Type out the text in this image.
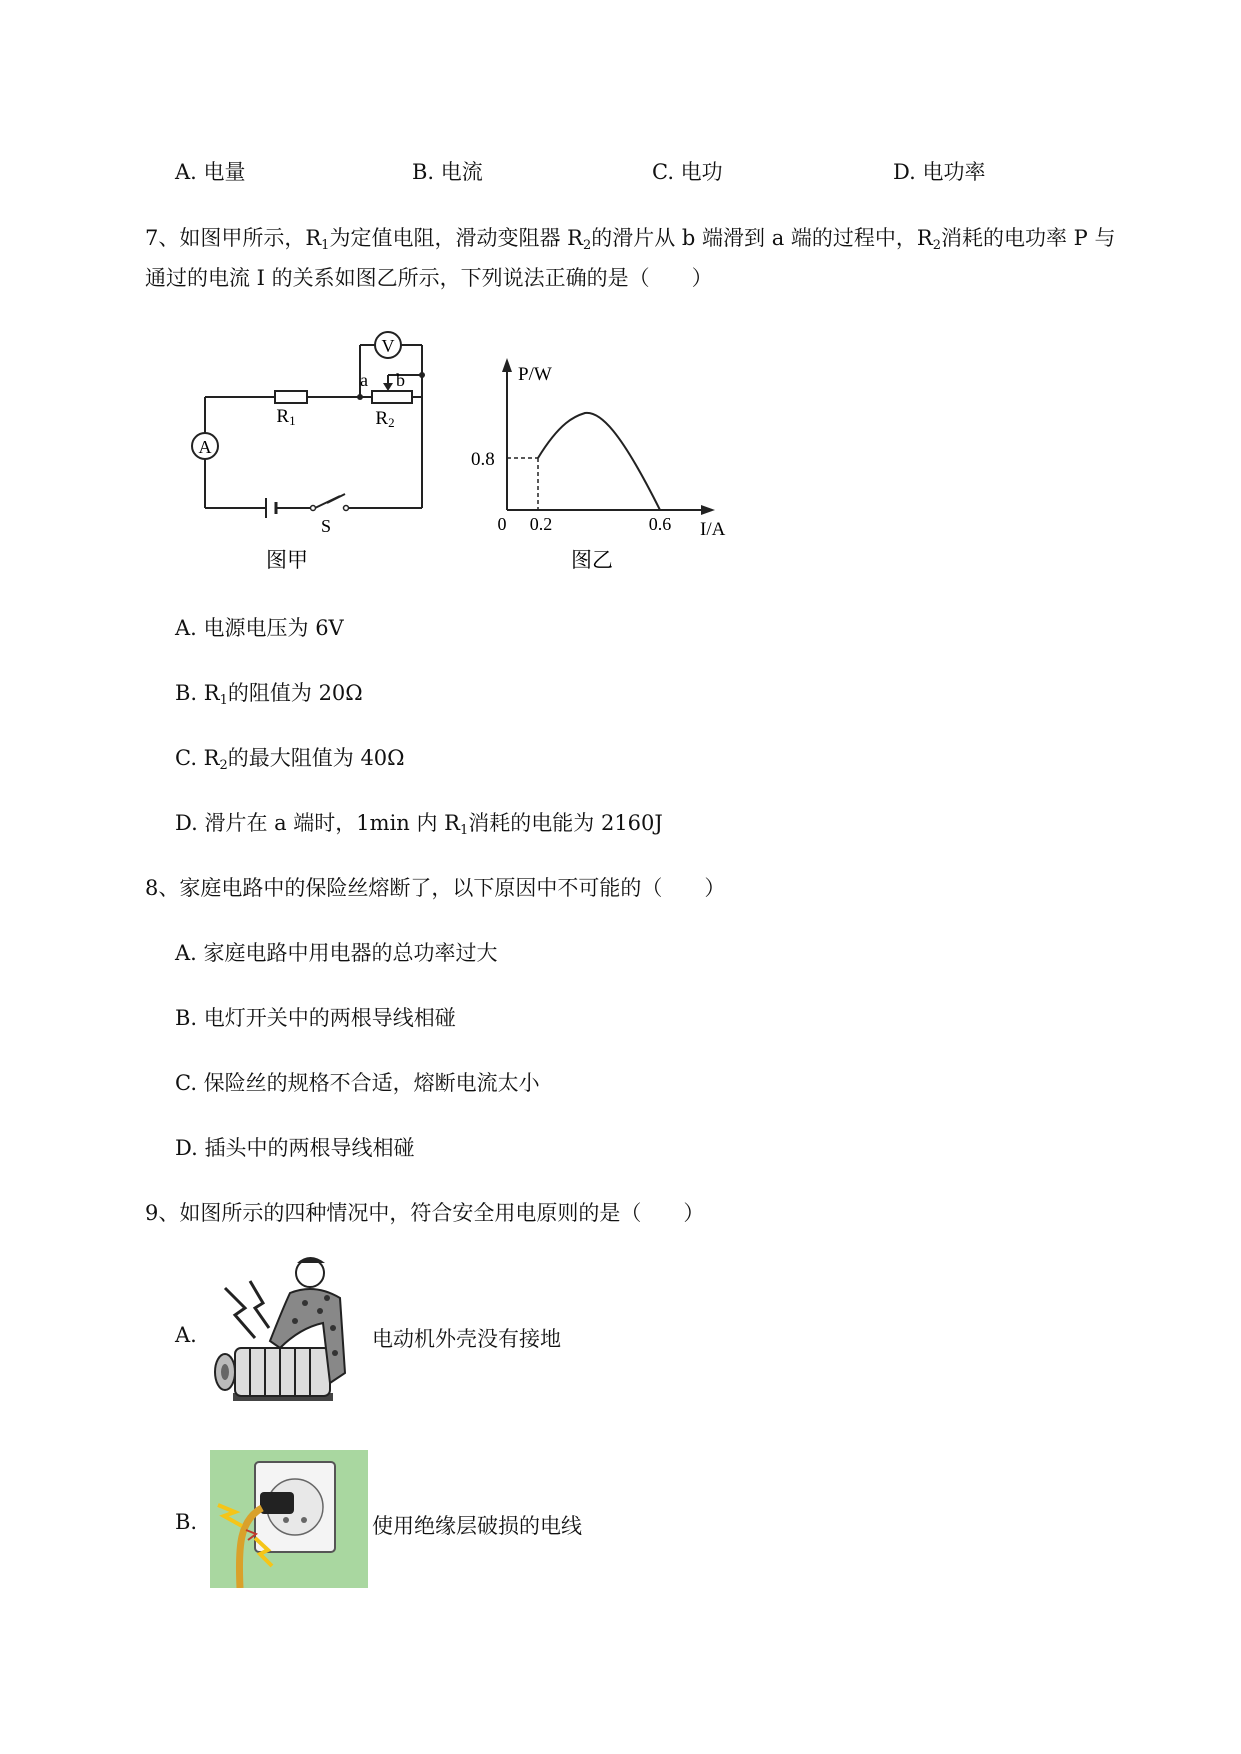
A. 电量	B. 电流	C. 电功	D. 电功率
7、如图甲所示，$R_1$为定值电阻，滑动变阻器 $R_2$的滑片从 b 端滑到 a 端的过程中，$R_2$消耗的电功率 P 与
通过的电流 I 的关系如图乙所示，下列说法正确的是（　　）
V
A
R1	R2
a b
S
图甲
P/W
I/A
0.8
0 0.2	0.6
图乙
A. 电源电压为 6V
B. $R_1$的阻值为 20Ω
C. $R_2$的最大阻值为 40Ω
D. 滑片在 a 端时，1min 内 $R_1$消耗的电能为 2160J
8、家庭电路中的保险丝熔断了，以下原因中不可能的（　　）
A. 家庭电路中用电器的总功率过大
B. 电灯开关中的两根导线相碰
C. 保险丝的规格不合适，熔断电流太小
D. 插头中的两根导线相碰
9、如图所示的四种情况中，符合安全用电原则的是（　　）
A.	电动机外壳没有接地
B.	使用绝缘层破损的电线
